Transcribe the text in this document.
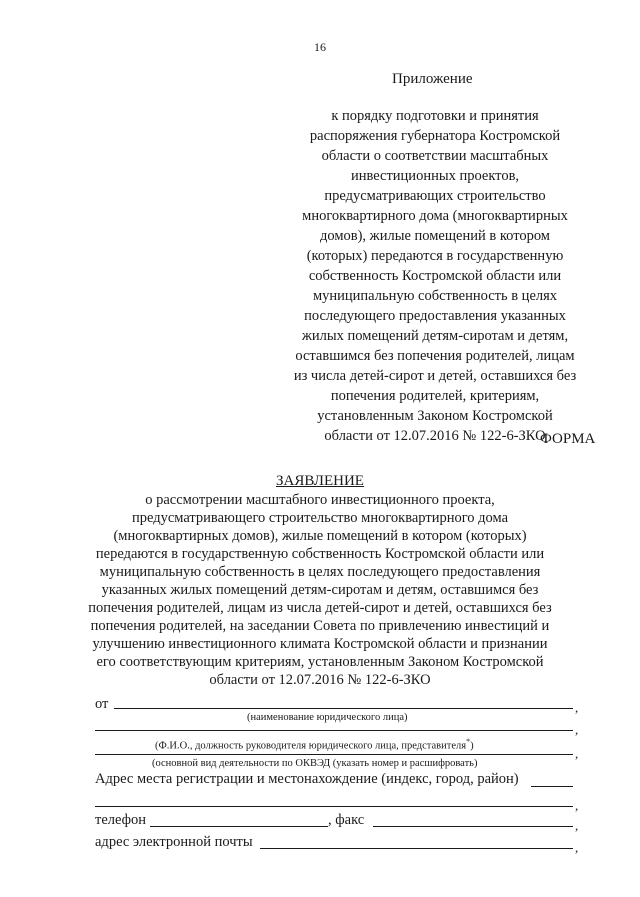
16
Приложение
к порядку подготовки и принятия
распоряжения губернатора Костромской
области о соответствии масштабных
инвестиционных проектов,
предусматривающих строительство
многоквартирного дома (многоквартирных
домов), жилые помещений в котором
(которых) передаются в государственную
собственность Костромской области или
муниципальную собственность в целях
последующего предоставления указанных
жилых помещений детям-сиротам и детям,
оставшимся без попечения родителей, лицам
из числа детей-сирот и детей, оставшихся без
попечения родителей, критериям,
установленным Законом Костромской
области от 12.07.2016 № 122-6-ЗКО
ФОРМА
ЗАЯВЛЕНИЕ
о рассмотрении масштабного инвестиционного проекта,
предусматривающего строительство многоквартирного дома
(многоквартирных домов), жилые помещений в котором (которых)
передаются в государственную собственность Костромской области или
муниципальную собственность в целях последующего предоставления
указанных жилых помещений детям-сиротам и детям, оставшимся без
попечения родителей, лицам из числа детей-сирот и детей, оставшихся без
попечения родителей, на заседании Совета по привлечению инвестиций и
улучшению инвестиционного климата Костромской области и признании
его соответствующим критериям, установленным Законом Костромской
области от 12.07.2016 № 122-6-ЗКО
от	,
(наименование юридического лица)
,
(Ф.И.О., должность руководителя юридического лица, представителя*)	,
(основной вид деятельности по ОКВЭД (указать номер и расшифровать)
Адрес места регистрации и местонахождение (индекс, город, район)
,
телефон	, факс	,
адрес электронной почты	,
